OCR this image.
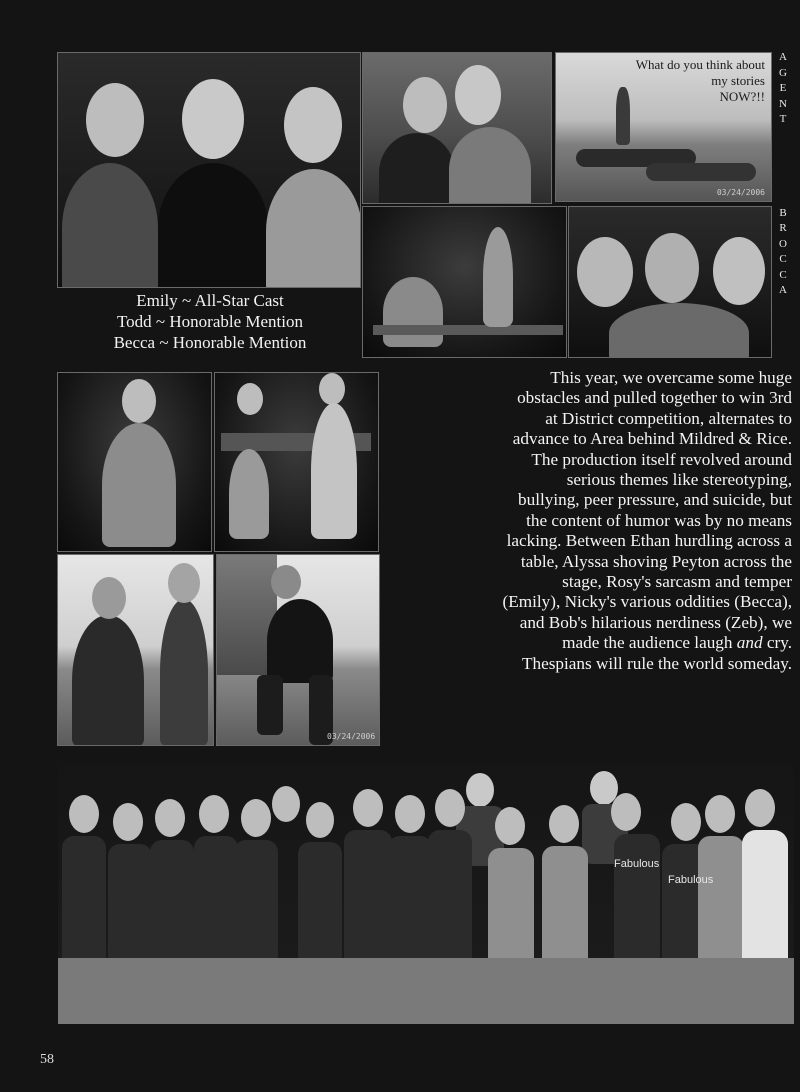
What do you think about
my stories
NOW?!!
03/24/2006
03/24/2006
Emily ~ All-Star Cast
Todd ~ Honorable Mention
Becca ~ Honorable Mention
A
G
E
N
T
B
R
O
C
C
A
This year, we overcame some huge
obstacles and pulled together to win 3rd
at District competition, alternates to
advance to Area behind Mildred & Rice.
The production itself revolved around
serious themes like stereotyping,
bullying, peer pressure, and suicide, but
the content of humor was by no means
lacking. Between Ethan hurdling across a
table, Alyssa shoving Peyton across the
stage, Rosy's sarcasm and temper
(Emily), Nicky's various oddities (Becca),
and Bob's hilarious nerdiness (Zeb), we
made the audience laugh and cry.
Thespians will rule the world someday.
Fabulous
Fabulous
58
